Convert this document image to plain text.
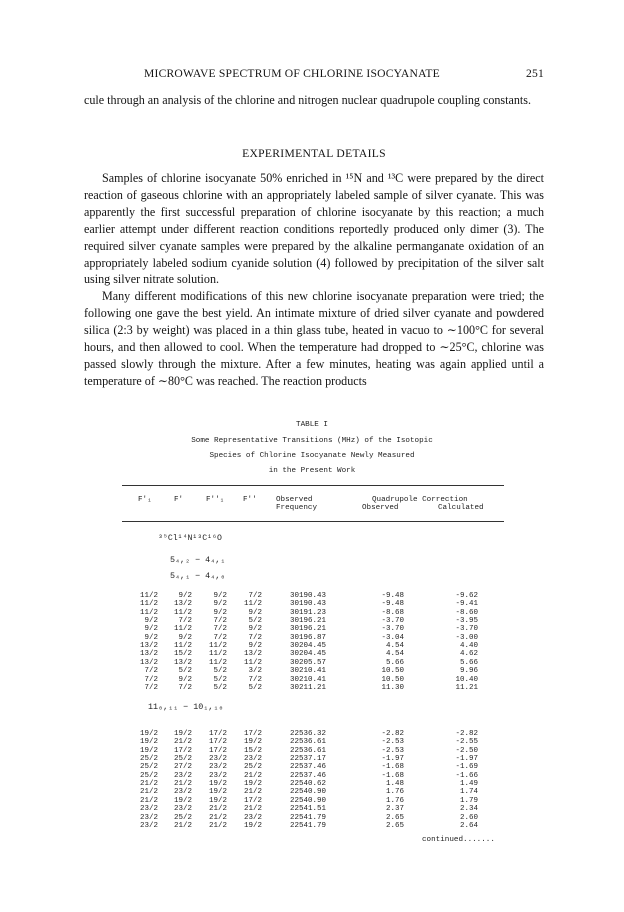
MICROWAVE SPECTRUM OF CHLORINE ISOCYANATE	251

cule through an analysis of the chlorine and nitrogen nuclear quadrupole coupling constants.

EXPERIMENTAL DETAILS

Samples of chlorine isocyanate 50% enriched in ¹⁵N and ¹³C were prepared by the direct reaction of gaseous chlorine with an appropriately labeled sample of silver cyanate. This was apparently the first successful preparation of chlorine isocyanate by this reaction; a much earlier attempt under different reaction conditions reportedly produced only dimer (3). The required silver cyanate samples were prepared by the alkaline permanganate oxidation of an appropriately labeled sodium cyanide solution (4) followed by precipitation of the silver salt using silver nitrate solution.

Many different modifications of this new chlorine isocyanate preparation were tried; the following one gave the best yield. An intimate mixture of dried silver cyanate and powdered silica (2:3 by weight) was placed in a thin glass tube, heated in vacuo to ∼100°C for several hours, and then allowed to cool. When the temperature had dropped to ∼25°C, chlorine was passed slowly through the mixture. After a few minutes, heating was again applied until a temperature of ∼80°C was reached. The reaction products

TABLE I
Some Representative Transitions (MHz) of the Isotopic
Species of Chlorine Isocyanate Newly Measured
in the Present Work
F'₁	F'	F''₁ F''	Observed
Frequency
Quadrupole Correction
Observed	Calculated
³⁵Cl¹⁴N¹³C¹⁶O
5₄,₂ − 4₄,₁
5₄,₁ − 4₄,₀
11/2	9/2	9/2	7/2	30190.43	-9.48	-9.62
11/2	13/2	9/2	11/2	30190.43	-9.48	-9.41
11/2	11/2	9/2	9/2	30191.23	-8.68	-8.60
9/2	7/2	7/2	5/2	30196.21	-3.70	-3.95
9/2	11/2	7/2	9/2	30196.21	-3.70	-3.70
9/2	9/2	7/2	7/2	30196.87	-3.04	-3.00
13/2	11/2	11/2	9/2	30204.45	4.54	4.40
13/2	15/2	11/2	13/2	30204.45	4.54	4.62
13/2	13/2	11/2	11/2	30205.57	5.66	5.66
7/2	5/2	5/2	3/2	30210.41	10.50	9.96
7/2	9/2	5/2	7/2	30210.41	10.50	10.40
7/2	7/2	5/2	5/2	30211.21	11.30	11.21
11₀,₁₁ − 10₁,₁₀
19/2	19/2	17/2	17/2	22536.32	-2.82	-2.82
19/2	21/2	17/2	19/2	22536.61	-2.53	-2.55
19/2	17/2	17/2	15/2	22536.61	-2.53	-2.50
25/2	25/2	23/2	23/2	22537.17	-1.97	-1.97
25/2	27/2	23/2	25/2	22537.46	-1.68	-1.69
25/2	23/2	23/2	21/2	22537.46	-1.68	-1.66
21/2	21/2	19/2	19/2	22540.62	1.48	1.49
21/2	23/2	19/2	21/2	22540.90	1.76	1.74
21/2	19/2	19/2	17/2	22540.90	1.76	1.79
23/2	23/2	21/2	21/2	22541.51	2.37	2.34
23/2	25/2	21/2	23/2	22541.79	2.65	2.60
23/2	21/2	21/2	19/2	22541.79	2.65	2.64
continued.......
